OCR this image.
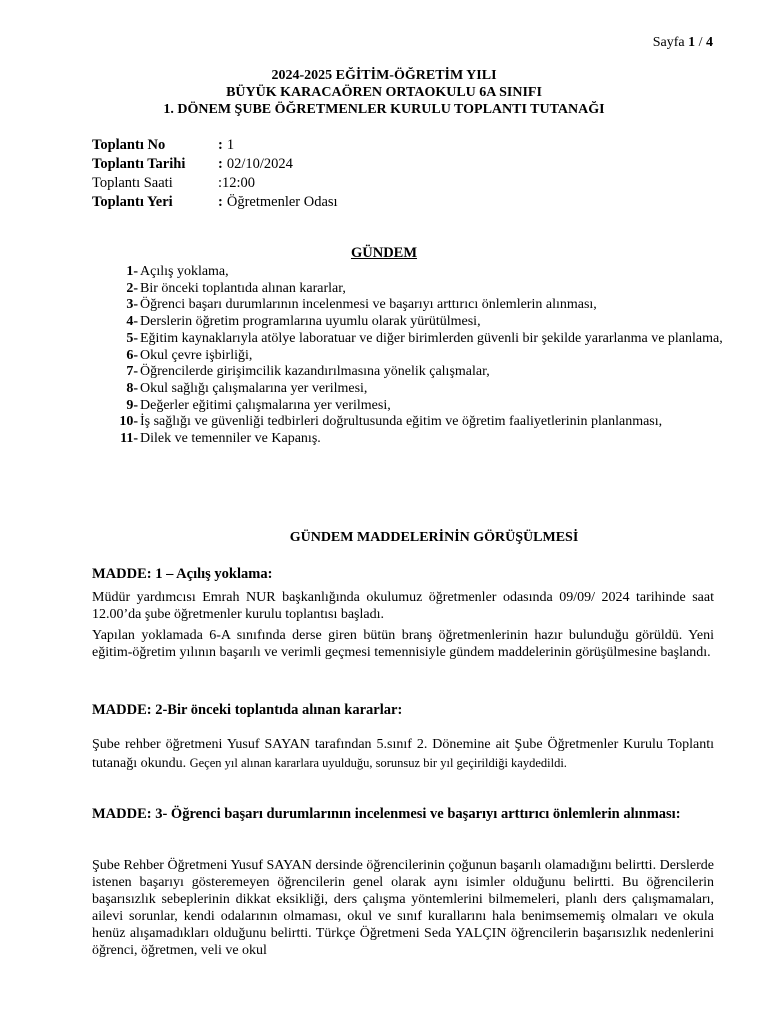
Sayfa 1 / 4
2024-2025 EĞİTİM-ÖĞRETİM YILI
BÜYÜK KARACAÖREN ORTAOKULU 6A SINIFI
1. DÖNEM ŞUBE ÖĞRETMENLER KURULU TOPLANTI TUTANAĞI
Toplantı No	: 1
Toplantı Tarihi	: 02/10/2024
Toplantı Saati	:12:00
Toplantı Yeri	: Öğretmenler Odası
GÜNDEM
1- Açılış yoklama,
2- Bir önceki toplantıda alınan kararlar,
3- Öğrenci başarı durumlarının incelenmesi ve başarıyı arttırıcı önlemlerin alınması,
4- Derslerin öğretim programlarına uyumlu olarak yürütülmesi,
5- Eğitim kaynaklarıyla atölye laboratuar ve diğer birimlerden güvenli bir şekilde yararlanma ve planlama,
6- Okul çevre işbirliği,
7- Öğrencilerde girişimcilik kazandırılmasına yönelik çalışmalar,
8- Okul sağlığı çalışmalarına yer verilmesi,
9- Değerler eğitimi çalışmalarına yer verilmesi,
10- İş sağlığı ve güvenliği tedbirleri doğrultusunda eğitim ve öğretim faaliyetlerinin planlanması,
11- Dilek ve temenniler ve Kapanış.
GÜNDEM MADDELERİNİN GÖRÜŞÜLMESİ
MADDE: 1 – Açılış yoklama:
Müdür yardımcısı Emrah NUR başkanlığında okulumuz öğretmenler odasında 09/09/ 2024 tarihinde saat 12.00’da şube öğretmenler kurulu toplantısı başladı.
Yapılan yoklamada 6-A sınıfında derse giren bütün branş öğretmenlerinin hazır bulunduğu görüldü. Yeni eğitim-öğretim yılının başarılı ve verimli geçmesi temennisiyle gündem maddelerinin görüşülmesine başlandı.
MADDE: 2-Bir önceki toplantıda alınan kararlar:
Şube rehber öğretmeni Yusuf SAYAN tarafından 5.sınıf 2. Dönemine ait Şube Öğretmenler Kurulu Toplantı tutanağı okundu. Geçen yıl alınan kararlara uyulduğu, sorunsuz bir yıl geçirildiği kaydedildi.
MADDE: 3- Öğrenci başarı durumlarının incelenmesi ve başarıyı arttırıcı önlemlerin alınması:
Şube Rehber Öğretmeni Yusuf SAYAN dersinde öğrencilerinin çoğunun başarılı olamadığını belirtti. Derslerde istenen başarıyı gösteremeyen öğrencilerin genel olarak aynı isimler olduğunu belirtti. Bu öğrencilerin başarısızlık sebeplerinin dikkat eksikliği, ders çalışma yöntemlerini bilmemeleri, planlı ders çalışmamaları, ailevi sorunlar, kendi odalarının olmaması, okul ve sınıf kurallarını hala benimsememiş olmaları ve okula henüz alışamadıkları olduğunu belirtti. Türkçe Öğretmeni Seda YALÇIN öğrencilerin başarısızlık nedenlerini öğrenci, öğretmen, veli ve okul
